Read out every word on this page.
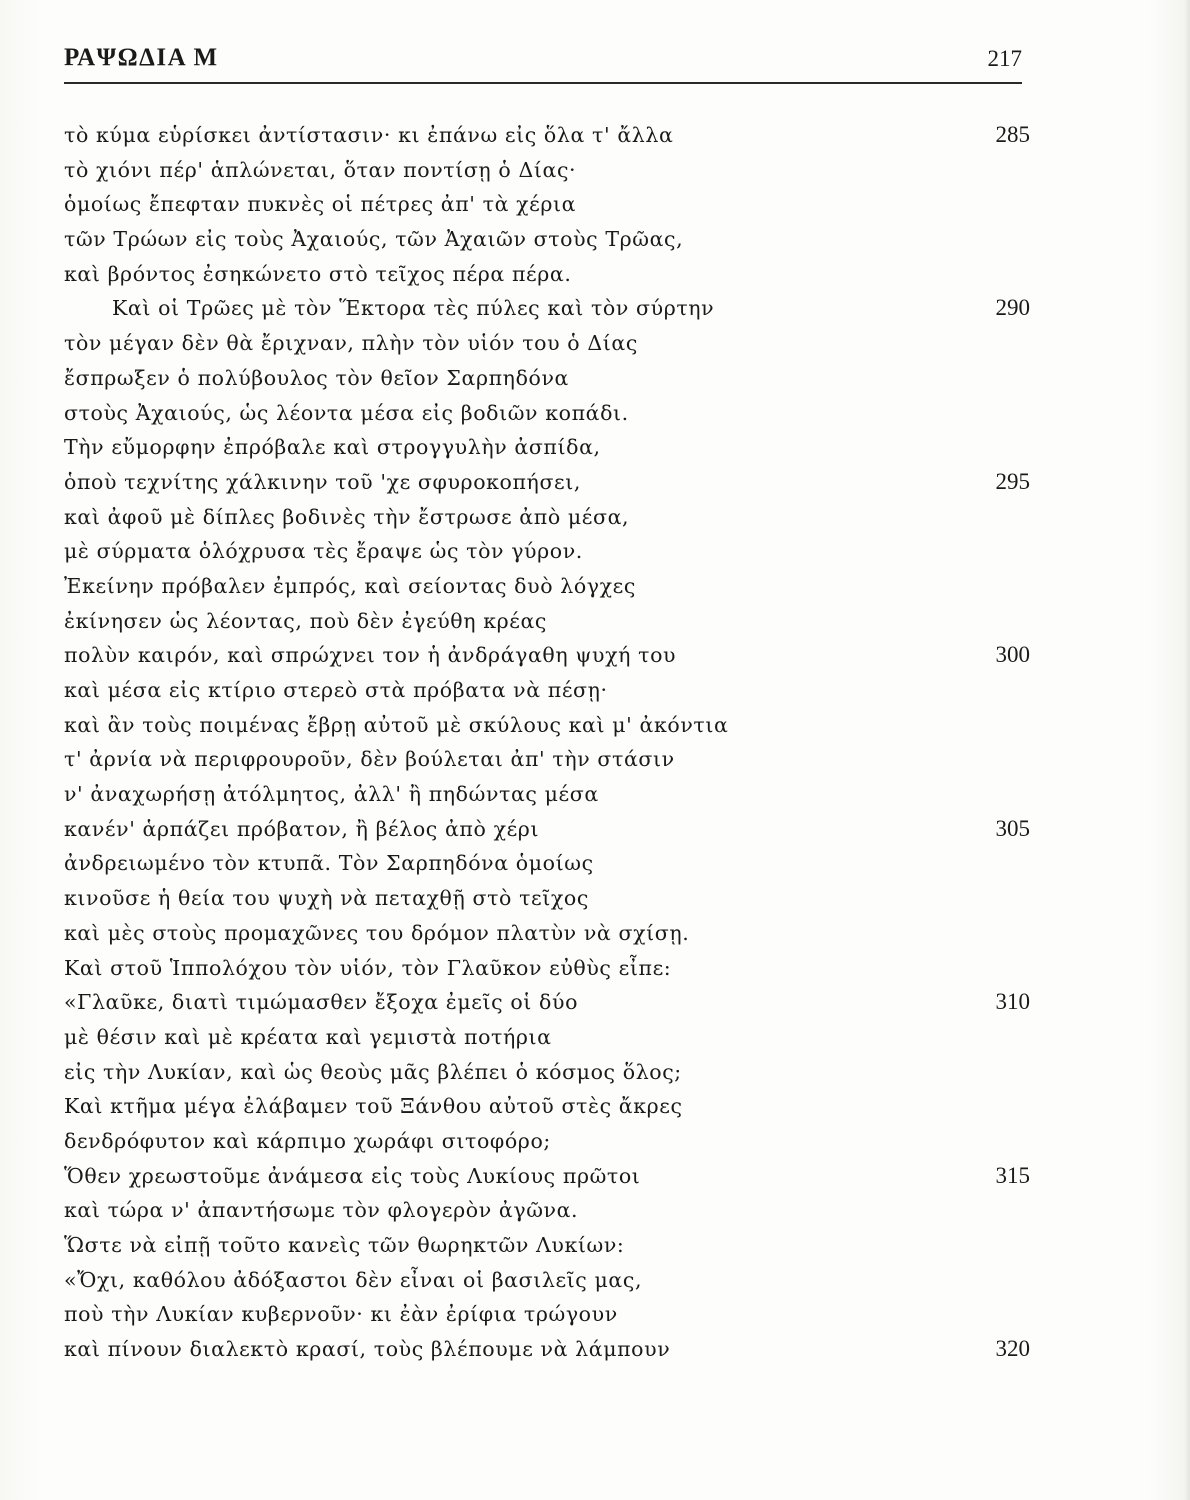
ΡΑΨΩΔΙΑ Μ	217
τὸ κύμα εὑρίσκει ἀντίστασιν· κι ἐπάνω εἰς ὅλα τ' ἄλλα	285
τὸ χιόνι πέρ' ἁπλώνεται, ὅταν ποντίσῃ ὁ Δίας·
ὁμοίως ἔπεφταν πυκνὲς οἱ πέτρες ἀπ' τὰ χέρια
τῶν Τρώων εἰς τοὺς Ἀχαιούς, τῶν Ἀχαιῶν στοὺς Τρῶας,
καὶ βρόντος ἐσηκώνετο στὸ τεῖχος πέρα πέρα.
Καὶ οἱ Τρῶες μὲ τὸν Ἕκτορα τὲς πύλες καὶ τὸν σύρτην	290
τὸν μέγαν δὲν θὰ ἔριχναν, πλὴν τὸν υἱόν του ὁ Δίας
ἔσπρωξεν ὁ πολύβουλος τὸν θεῖον Σαρπηδόνα
στοὺς Ἀχαιούς, ὡς λέοντα μέσα εἰς βοδιῶν κοπάδι.
Τὴν εὔμορφην ἐπρόβαλε καὶ στρογγυλὴν ἀσπίδα,
ὁποὺ τεχνίτης χάλκινην τοῦ 'χε σφυροκοπήσει,	295
καὶ ἀφοῦ μὲ δίπλες βοδινὲς τὴν ἔστρωσε ἀπὸ μέσα,
μὲ σύρματα ὁλόχρυσα τὲς ἔραψε ὡς τὸν γύρον.
Ἐκείνην πρόβαλεν ἐμπρός, καὶ σείοντας δυὸ λόγχες
ἐκίνησεν ὡς λέοντας, ποὺ δὲν ἐγεύθη κρέας
πολὺν καιρόν, καὶ σπρώχνει τον ἡ ἀνδράγαθη ψυχή του	300
καὶ μέσα εἰς κτίριο στερεὸ στὰ πρόβατα νὰ πέσῃ·
καὶ ἂν τοὺς ποιμένας ἔβρῃ αὐτοῦ μὲ σκύλους καὶ μ' ἀκόντια
τ' ἀρνία νὰ περιφρουροῦν, δὲν βούλεται ἀπ' τὴν στάσιν
ν' ἀναχωρήσῃ ἀτόλμητος, ἀλλ' ἢ πηδώντας μέσα
κανέν' ἁρπάζει πρόβατον, ἢ βέλος ἀπὸ χέρι	305
ἀνδρειωμένο τὸν κτυπᾶ. Τὸν Σαρπηδόνα ὁμοίως
κινοῦσε ἡ θεία του ψυχὴ νὰ πεταχθῇ στὸ τεῖχος
καὶ μὲς στοὺς προμαχῶνες του δρόμον πλατὺν νὰ σχίσῃ.
Καὶ στοῦ Ἱππολόχου τὸν υἱόν, τὸν Γλαῦκον εὐθὺς εἶπε:
«Γλαῦκε, διατὶ τιμώμασθεν ἔξοχα ἐμεῖς οἱ δύο	310
μὲ θέσιν καὶ μὲ κρέατα καὶ γεμιστὰ ποτήρια
εἰς τὴν Λυκίαν, καὶ ὡς θεοὺς μᾶς βλέπει ὁ κόσμος ὅλος;
Καὶ κτῆμα μέγα ἐλάβαμεν τοῦ Ξάνθου αὐτοῦ στὲς ἄκρες
δενδρόφυτον καὶ κάρπιμο χωράφι σιτοφόρο;
Ὅθεν χρεωστοῦμε ἀνάμεσα εἰς τοὺς Λυκίους πρῶτοι	315
καὶ τώρα ν' ἀπαντήσωμε τὸν φλογερὸν ἀγῶνα.
Ὥστε νὰ εἰπῇ τοῦτο κανεὶς τῶν θωρηκτῶν Λυκίων:
«Ὄχι, καθόλου ἀδόξαστοι δὲν εἶναι οἱ βασιλεῖς μας,
ποὺ τὴν Λυκίαν κυβερνοῦν· κι ἐὰν ἐρίφια τρώγουν
καὶ πίνουν διαλεκτὸ κρασί, τοὺς βλέπουμε νὰ λάμπουν	320
